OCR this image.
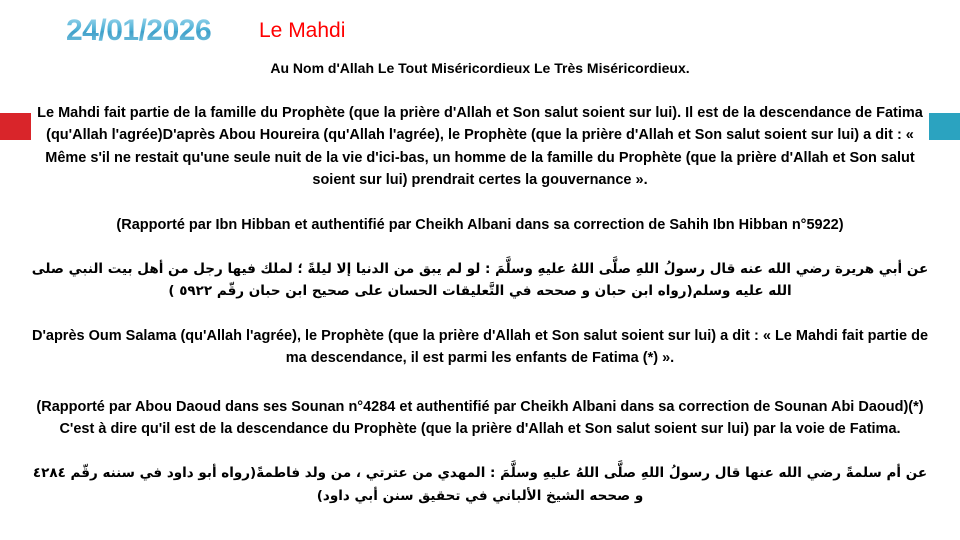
24/01/2026 Le Mahdi

Au Nom d'Allah Le Tout Miséricordieux Le Très Miséricordieux.

Le Mahdi fait partie de la famille du Prophète (que la prière d'Allah et Son salut soient sur lui). Il est de la descendance de Fatima (qu'Allah l'agrée)D'après Abou Houreira (qu'Allah l'agrée), le Prophète (que la prière d'Allah et Son salut soient sur lui) a dit : « Même s'il ne restait qu'une seule nuit de la vie d'ici-bas, un homme de la famille du Prophète (que la prière d'Allah et Son salut soient sur lui) prendrait certes la gouvernance ».

(Rapporté par Ibn Hibban et authentifié par Cheikh Albani dans sa correction de Sahih Ibn Hibban n°5922)

عن أبي هريرة رضي الله عنه قال رسولُ اللهِ صلَّى اللهُ عليهِ وسلَّمَ : لو لم يبق من الدنيا إلا ليلةً ؛ لملك فيها رجل من أهل بيت النبي صلى الله عليه وسلم(رواه ابن حبان و صححه في التَّعليقات الحسان على صحيح ابن حبان رقّم ٥٩٢٢ )

D'après Oum Salama (qu'Allah l'agrée), le Prophète (que la prière d'Allah et Son salut soient sur lui) a dit : « Le Mahdi fait partie de ma descendance, il est parmi les enfants de Fatima (*) ».

(Rapporté par Abou Daoud dans ses Sounan n°4284 et authentifié par Cheikh Albani dans sa correction de Sounan Abi Daoud)(*) C'est à dire qu'il est de la descendance du Prophète (que la prière d'Allah et Son salut soient sur lui) par la voie de Fatima.

عن أم سلمةً رضي الله عنها قال رسولُ اللهِ صلَّى اللهُ عليهِ وسلَّمَ : المهدي من عترتي ، من ولد فاطمةً(رواه أبو داود في سننه رقّم ٤٢٨٤ و صححه الشيخ الألباني في تحقيق سنن أبي داود)
